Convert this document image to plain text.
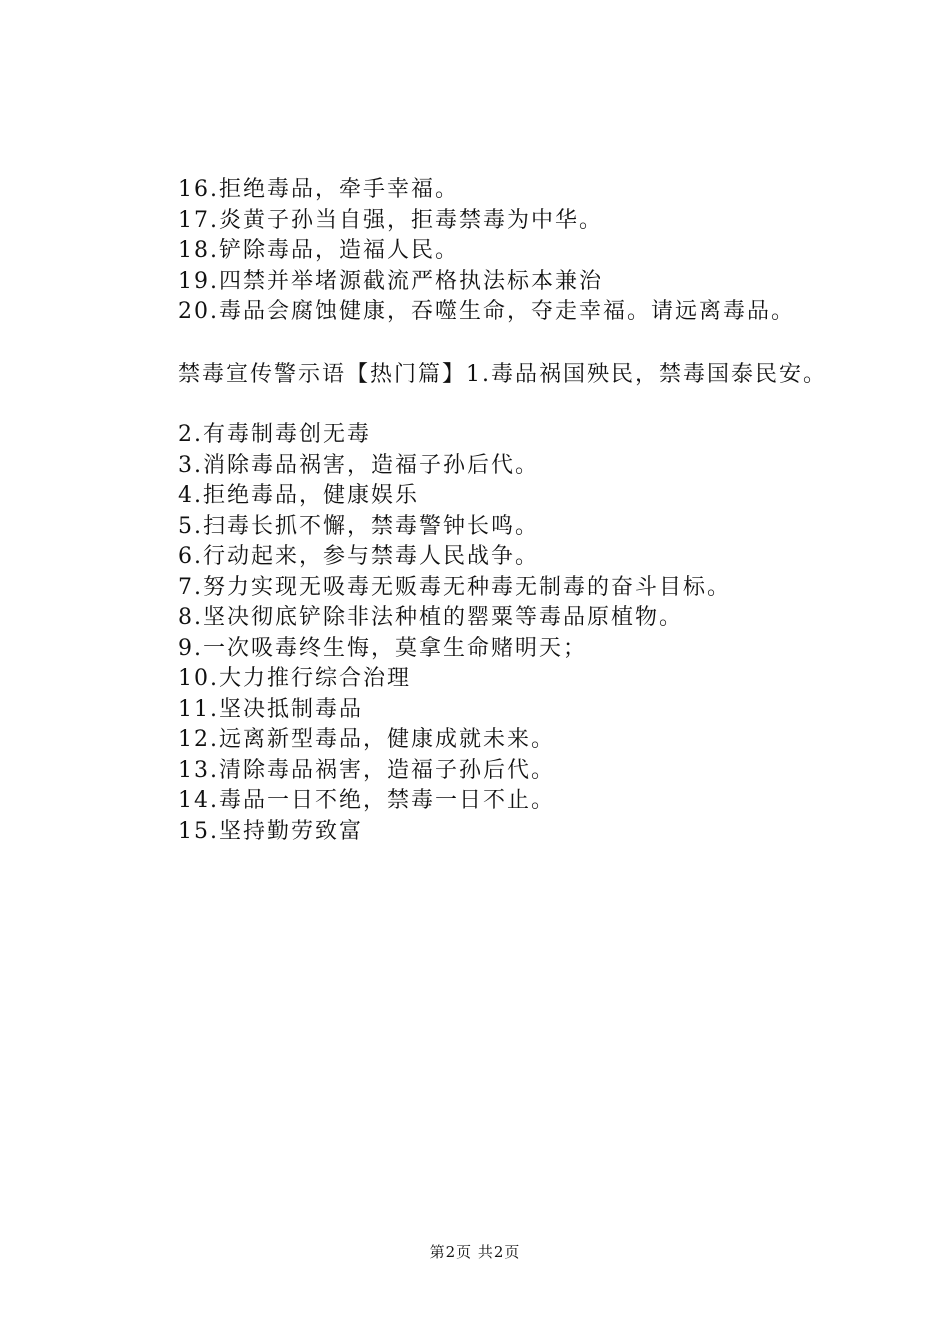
16.拒绝毒品，牵手幸福。
17.炎黄子孙当自强，拒毒禁毒为中华。
18.铲除毒品，造福人民。
19.四禁并举堵源截流严格执法标本兼治
20.毒品会腐蚀健康，吞噬生命，夺走幸福。请远离毒品。
禁毒宣传警示语【热门篇】1.毒品祸国殃民，禁毒国泰民安。
2.有毒制毒创无毒
3.消除毒品祸害，造福子孙后代。
4.拒绝毒品，健康娱乐
5.扫毒长抓不懈，禁毒警钟长鸣。
6.行动起来，参与禁毒人民战争。
7.努力实现无吸毒无贩毒无种毒无制毒的奋斗目标。
8.坚决彻底铲除非法种植的罂粟等毒品原植物。
9.一次吸毒终生悔，莫拿生命赌明天；
10.大力推行综合治理
11.坚决抵制毒品
12.远离新型毒品，健康成就未来。
13.清除毒品祸害，造福子孙后代。
14.毒品一日不绝，禁毒一日不止。
15.坚持勤劳致富
第2页 共2页
